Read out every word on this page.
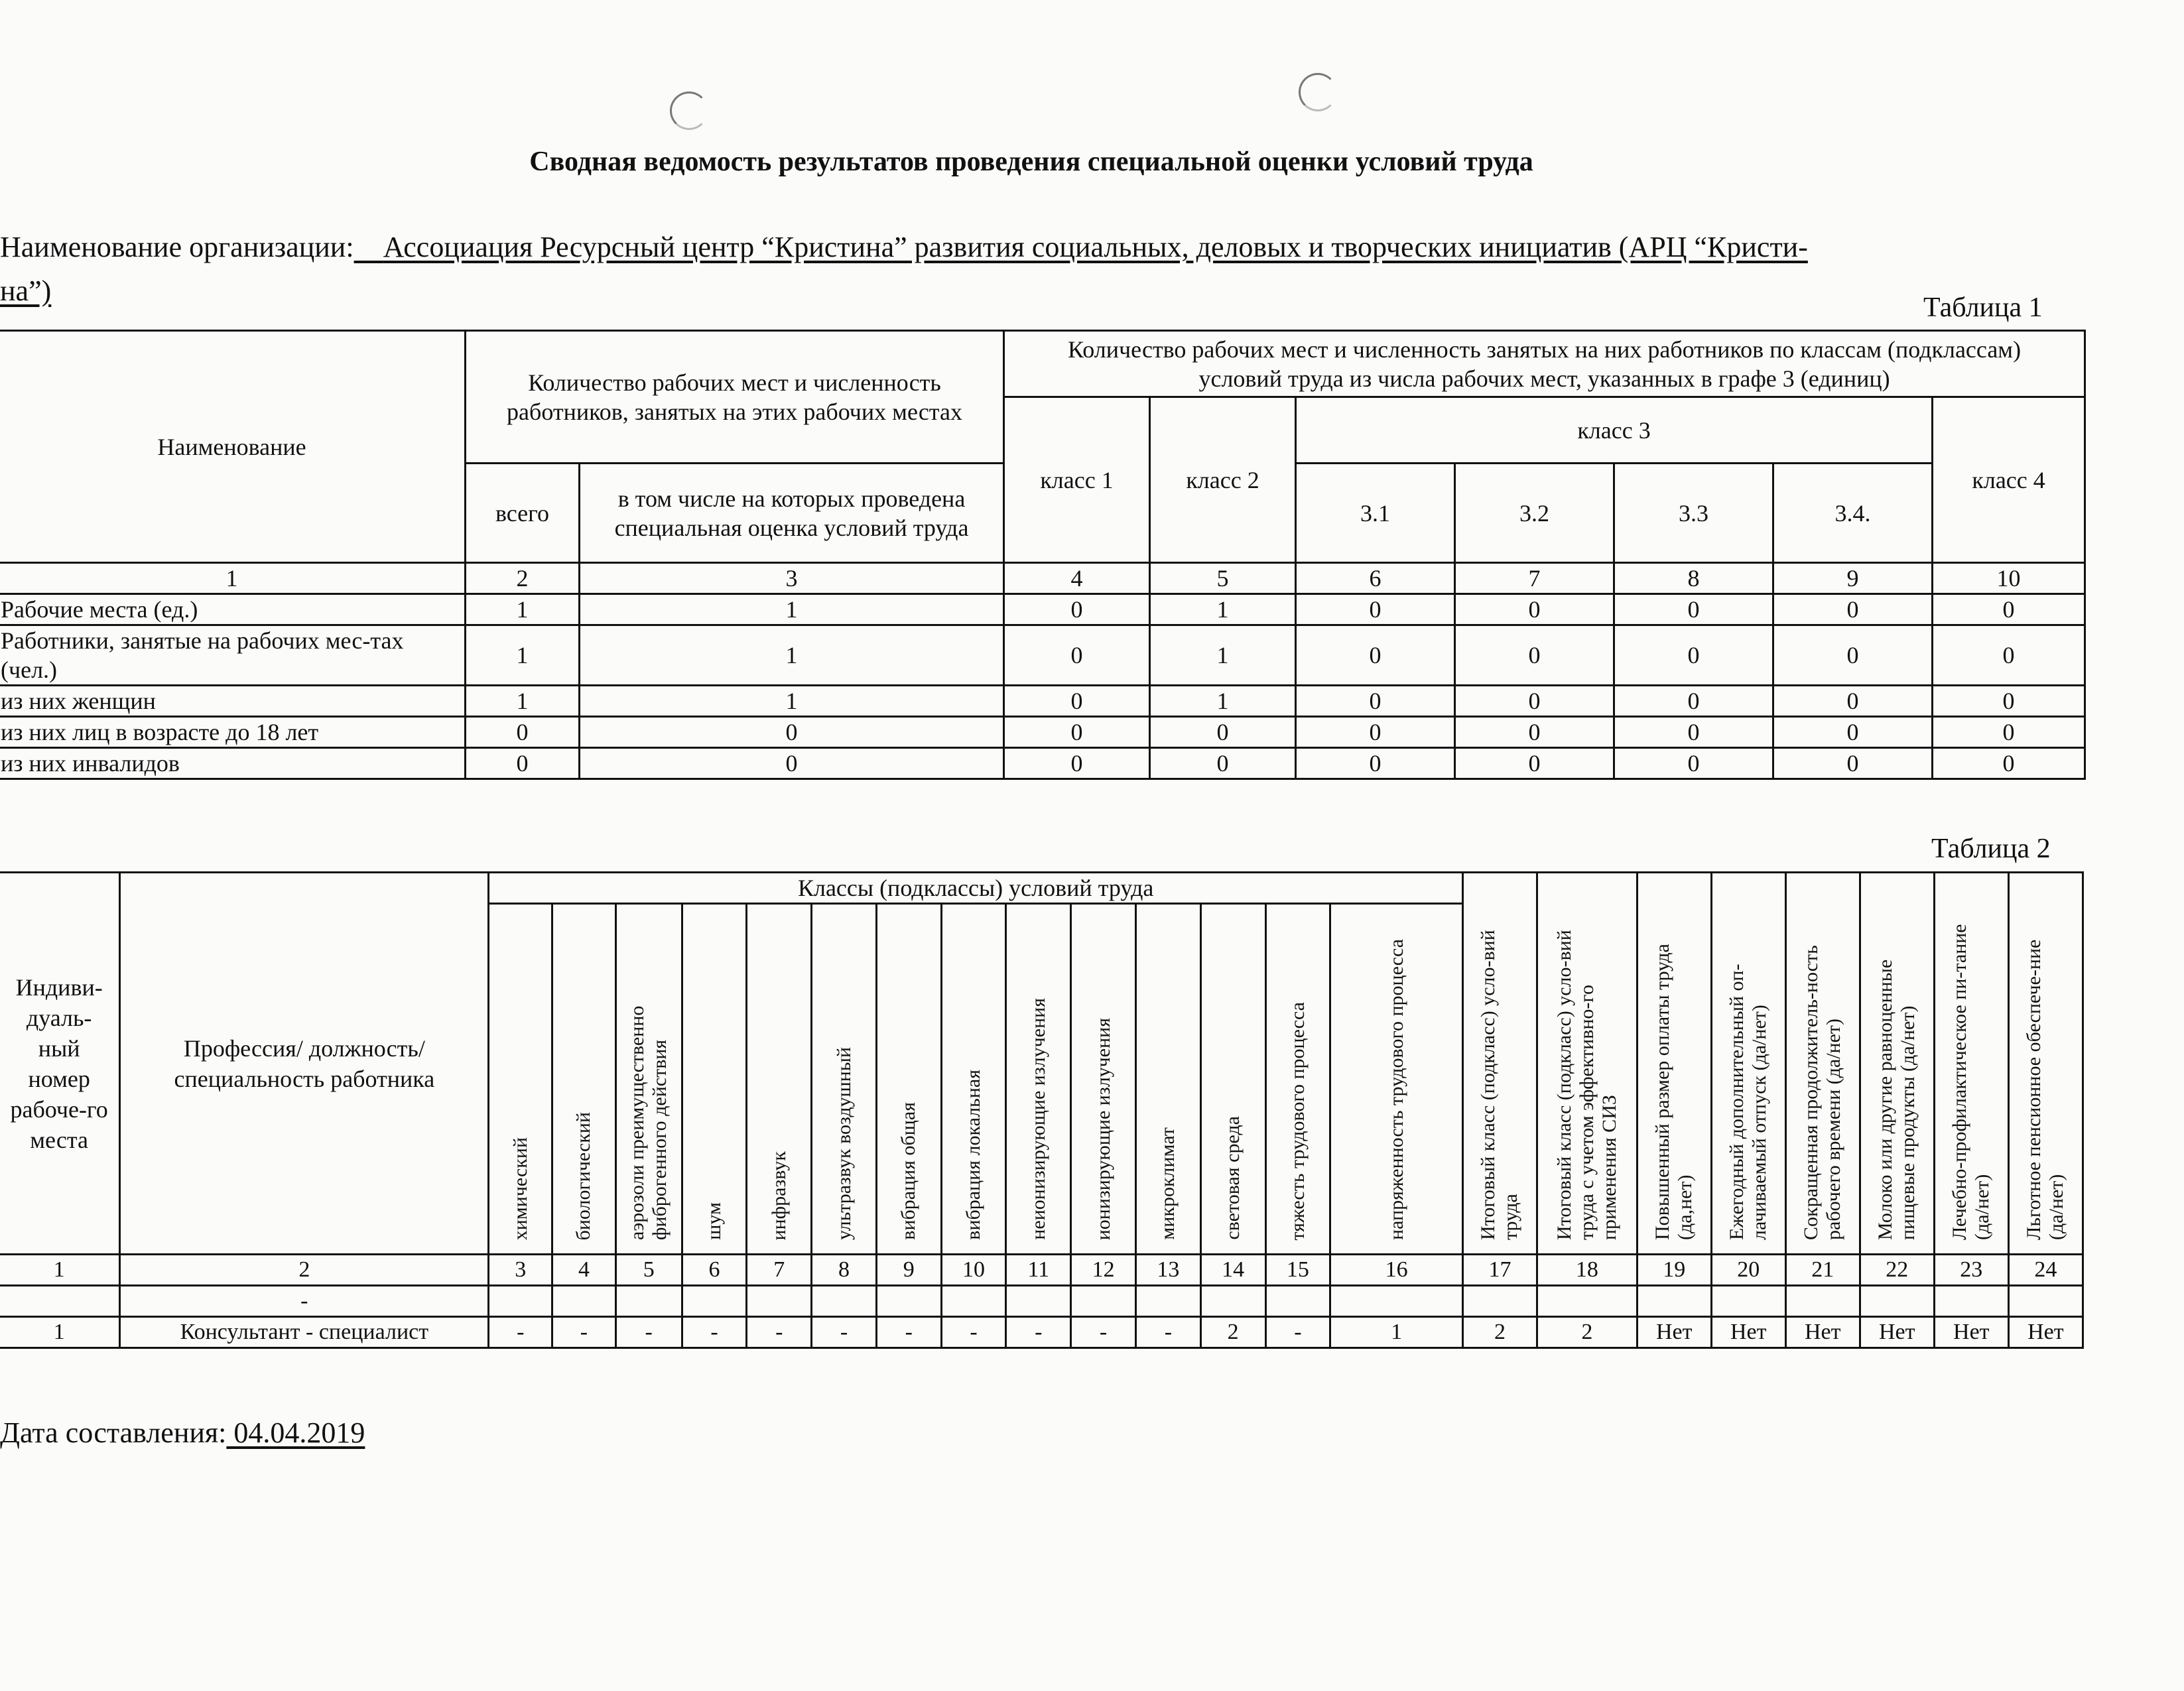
Сводная ведомость результатов проведения специальной оценки условий труда
Наименование организации: Ассоциация Ресурсный центр “Кристина” развития социальных, деловых и творческих инициатив (АРЦ “Кристи-
на”)
Таблица 1
Наименование	Количество рабочих мест и численность работников, занятых на этих рабочих местах		Количество рабочих мест и численность занятых на них работников по классам (подклассам) условий труда из числа рабочих мест, указанных в графе 3 (единиц)						
			класс 1	класс 2	класс 3				класс 4
	всего	в том числе на которых проведена специальная оценка условий труда			3.1	3.2	3.3	3.4.	
1	2	3	4	5	6	7	8	9	10
Рабочие места (ед.)	1	1	0	1	0	0	0	0	0
Работники, занятые на рабочих мес-тах (чел.)	1	1	0	1	0	0	0	0	0
из них женщин	1	1	0	1	0	0	0	0	0
из них лиц в возрасте до 18 лет	0	0	0	0	0	0	0	0	0
из них инвалидов	0	0	0	0	0	0	0	0	0
Таблица 2
Индиви-дуаль-ный номер рабоче-го места	Профессия/ должность/ специальность работника	Классы (подклассы) условий труда														Итоговый класс (подкласс) усло-вий труда	Итоговый класс (подкласс) усло-вий труда с учетом эффективно-го применения СИЗ	Повышенный размер оплаты труда (да,нет)	Ежегодный дополнительный оп-лачиваемый отпуск (да/нет)	Сокращенная продолжитель-ность рабочего времени (да/нет)	Молоко или другие равноценные пищевые продукты (да/нет)	Лечебно-профилактическое пи-тание (да/нет)	Льготное пенсионное обеспече-ние (да/нет)
		химический	биологический	аэрозоли преимущественно фиброгенного действия	шум	инфразвук	ультразвук воздушный	вибрация общая	вибрация локальная	неионизирующие излучения	ионизирующие излучения	микроклимат	световая среда	тяжесть трудового процесса	напряженность трудового процесса								
1	2	3	4	5	6	7	8	9	10	11	12	13	14	15	16	17	18	19	20	21	22	23	24
	-																						
1	Консультант - специалист	-	-	-	-	-	-	-	-	-	-	-	2	-	1	2	2	Нет	Нет	Нет	Нет	Нет	Нет
Дата составления: 04.04.2019
